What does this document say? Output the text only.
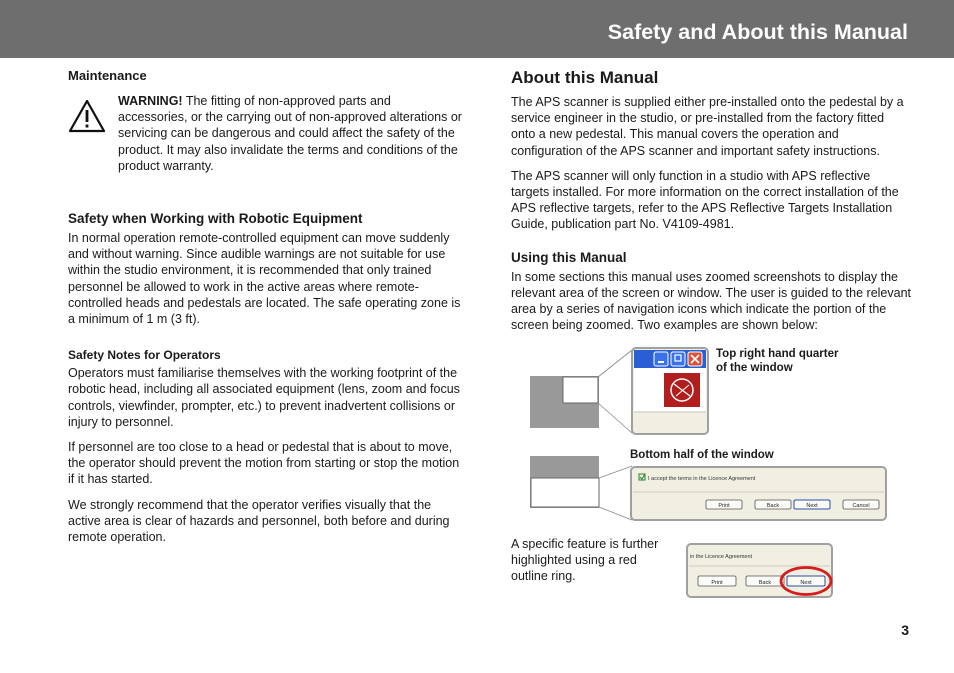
Safety and About this Manual
Maintenance
WARNING! The fitting of non-approved parts and accessories, or the carrying out of non-approved alterations or servicing can be dangerous and could affect the safety of the product. It may also invalidate the terms and conditions of the product warranty.
Safety when Working with Robotic Equipment

In normal operation remote-controlled equipment can move suddenly and without warning. Since audible warnings are not suitable for use within the studio environment, it is recommended that only trained personnel be allowed to work in the active areas where remote-controlled heads and pedestals are located. The safe operating zone is a minimum of 1 m (3 ft).

Safety Notes for Operators

Operators must familiarise themselves with the working footprint of the robotic head, including all associated equipment (lens, zoom and focus controls, viewfinder, prompter, etc.) to prevent inadvertent collisions or injury to personnel.

If personnel are too close to a head or pedestal that is about to move, the operator should prevent the motion from starting or stop the motion if it has started.

We strongly recommend that the operator verifies visually that the active area is clear of hazards and personnel, both before and during remote operation.

About this Manual

The APS scanner is supplied either pre-installed onto the pedestal by a service engineer in the studio, or pre-installed from the factory fitted onto a new pedestal. This manual covers the operation and configuration of the APS scanner and important safety instructions.

The APS scanner will only function in a studio with APS reflective targets installed. For more information on the correct installation of the APS reflective targets, refer to the APS Reflective Targets Installation Guide, publication part No. V4109-4981.

Using this Manual

In some sections this manual uses zoomed screenshots to display the relevant area of the screen or window. The user is guided to the relevant area by a series of navigation icons which indicate the portion of the screen being zoomed. Two examples are shown below:

I accept the terms in the Licence Agreement
Print	Back	Next	Cancel
in the Licence Agreement
Print	Back	Next
Top right hand quarter
of the window
Bottom half of the window
A specific feature is further highlighted using a red outline ring.
3
